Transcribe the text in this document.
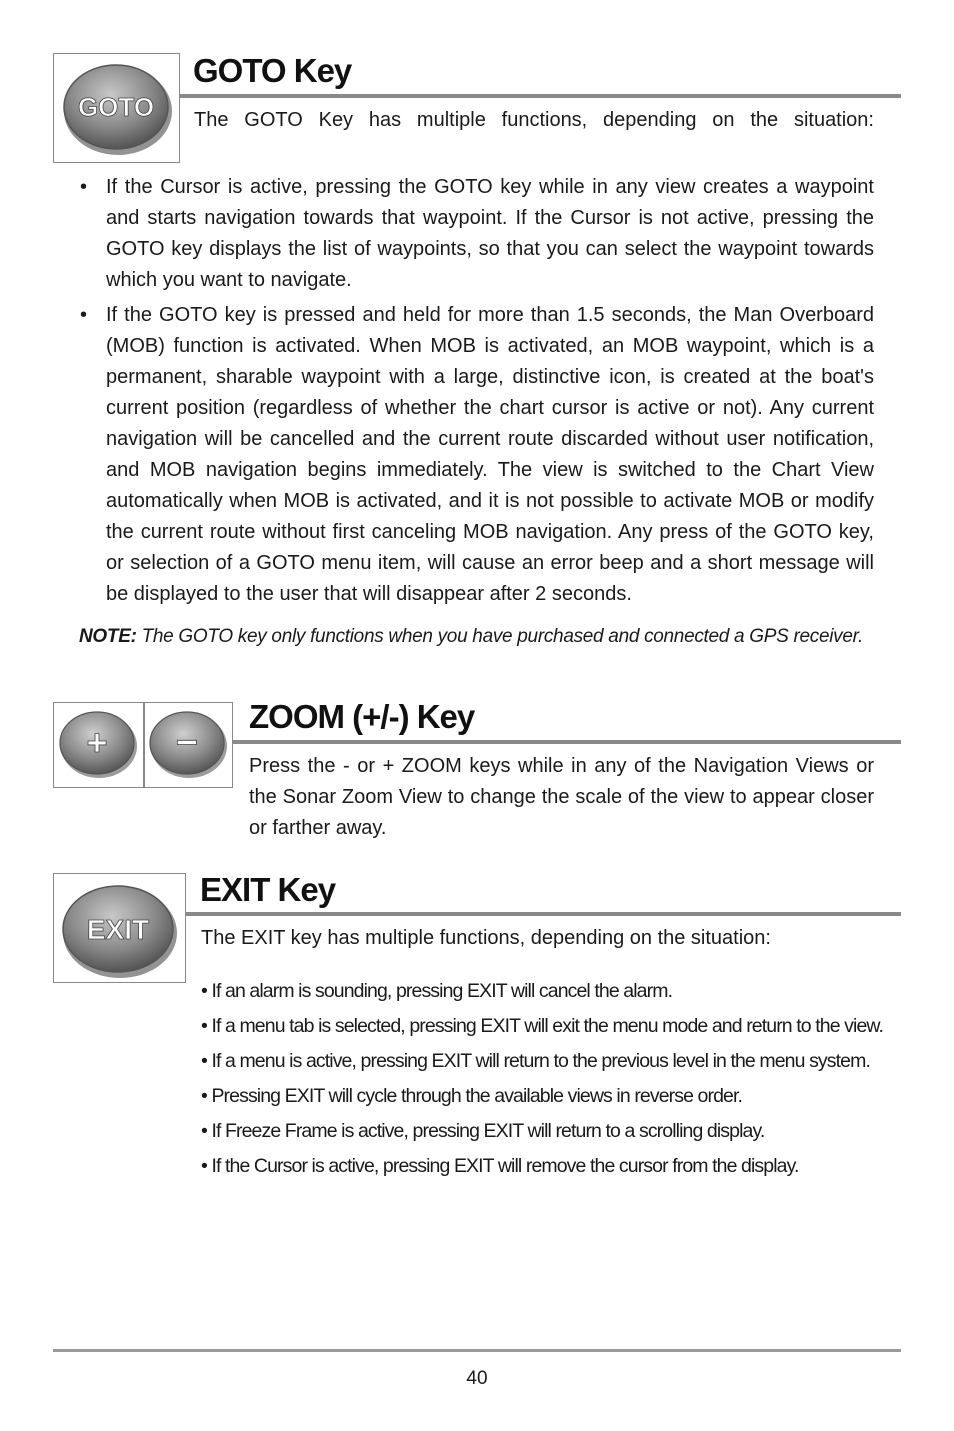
GOTO
GOTO Key
The GOTO Key has multiple functions, depending on the situation:
• If the Cursor is active, pressing the GOTO key while in any view creates a waypoint and starts navigation towards that waypoint. If the Cursor is not active, pressing the GOTO key displays the list of waypoints, so that you can select the waypoint towards which you want to navigate.
• If the GOTO key is pressed and held for more than 1.5 seconds, the Man Overboard (MOB) function is activated. When MOB is activated, an MOB waypoint, which is a permanent, sharable waypoint with a large, distinctive icon, is created at the boat's current position (regardless of whether the chart cursor is active or not). Any current navigation will be cancelled and the current route discarded without user notification, and MOB navigation begins immediately. The view is switched to the Chart View automatically when MOB is activated, and it is not possible to activate MOB or modify the current route without first canceling MOB navigation. Any press of the GOTO key, or selection of a GOTO menu item, will cause an error beep and a short message will be displayed to the user that will disappear after 2 seconds.
NOTE: The GOTO key only functions when you have purchased and connected a GPS receiver.
+ −
ZOOM (+/-) Key
Press the - or + ZOOM keys while in any of the Navigation Views or the Sonar Zoom View to change the scale of the view to appear closer or farther away.
EXIT
EXIT Key
The EXIT key has multiple functions, depending on the situation:
• If an alarm is sounding, pressing EXIT will cancel the alarm.
• If a menu tab is selected, pressing EXIT will exit the menu mode and return to the view.
• If a menu is active, pressing EXIT will return to the previous level in the menu system.
• Pressing EXIT will cycle through the available views in reverse order.
• If Freeze Frame is active, pressing EXIT will return to a scrolling display.
• If the Cursor is active, pressing EXIT will remove the cursor from the display.
40
